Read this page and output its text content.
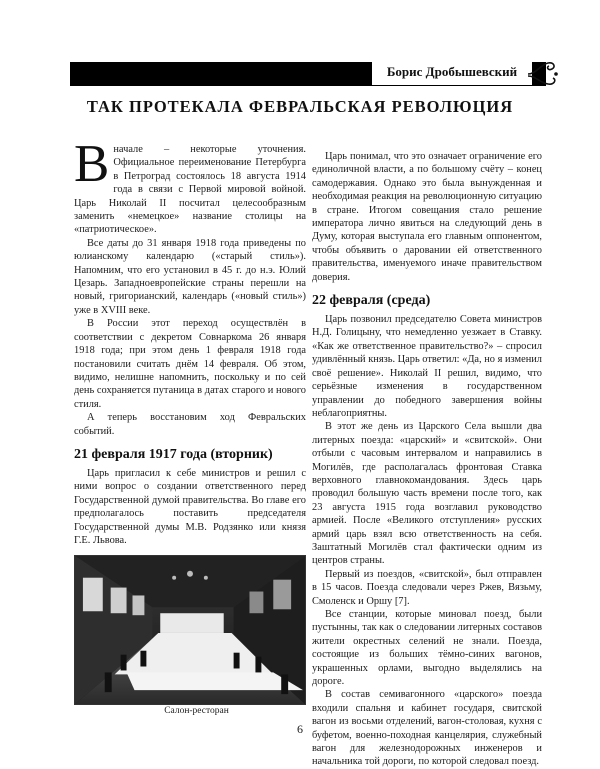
Борис Дробышевский
ТАК ПРОТЕКАЛА ФЕВРАЛЬСКАЯ РЕВОЛЮЦИЯ

Вначале – некоторые уточнения. Официальное переименование Петербурга в Петроград состоялось 18 августа 1914 года в связи с Первой мировой войной. Царь Николай II посчитал целесообразным заменить «немецкое» название столицы на «патриотическое».

Все даты до 31 января 1918 года приведены по юлианскому календарю («старый стиль»). Напомним, что его установил в 45 г. до н.э. Юлий Цезарь. Западноевропейские страны перешли на новый, григорианский, календарь («новый стиль») уже в XVIII веке.

В России этот переход осуществлён в соответствии с декретом Совнаркома 26 января 1918 года; при этом день 1 февраля 1918 года постановили считать днём 14 февраля. Об этом, видимо, нелишне напомнить, поскольку и по сей день сохраняется путаница в датах старого и нового стиля.

А теперь восстановим ход Февральских событий.

21 февраля 1917 года (вторник)

Царь пригласил к себе министров и решил с ними вопрос о создании ответственного перед Государственной думой правительства. Во главе его предполагалось поставить председателя Государственной думы М.В. Родзянко или князя Г.Е. Львова.

Салон-ресторан

Царь понимал, что это означает ограничение его единоличной власти, а по большому счёту – конец самодержавия. Однако это была вынужденная и необходимая реакция на революционную ситуацию в стране. Итогом совещания стало решение императора лично явиться на следующий день в Думу, которая выступала его главным оппонентом, чтобы объявить о даровании ей ответственного правительства, именуемого иначе правительством доверия.

22 февраля (среда)

Царь позвонил председателю Совета министров Н.Д. Голицыну, что немедленно уезжает в Ставку. «Как же ответственное правительство?» – спросил удивлённый князь. Царь ответил: «Да, но я изменил своё решение». Николай II решил, видимо, что серьёзные изменения в государственном управлении до победного завершения войны неблагоприятны.

В этот же день из Царского Села вышли два литерных поезда: «царский» и «свитской». Они отбыли с часовым интервалом и направились в Могилёв, где располагалась фронтовая Ставка верховного главнокомандования. Здесь царь проводил большую часть времени после того, как 23 августа 1915 года возглавил руководство армией. После «Великого отступления» русских армий царь взял всю ответственность на себя. Заштатный Могилёв стал фактически одним из центров страны.

Первый из поездов, «свитской», был отправлен в 15 часов. Поезда следовали через Ржев, Вязьму, Смоленск и Оршу [7].

Все станции, которые миновал поезд, были пустынны, так как о следовании литерных составов жители окрестных селений не знали. Поезда, состоящие из больших тёмно-синих вагонов, украшенных орлами, выгодно выделялись на дороге.

В состав семивагонного «царского» поезда входили спальня и кабинет государя, свитской вагон из восьми отделений, вагон-столовая, кухня с буфетом, военно-походная канцелярия, служебный вагон для железнодорожных инженеров и начальника той дороги, по которой следовал поезд.

6
